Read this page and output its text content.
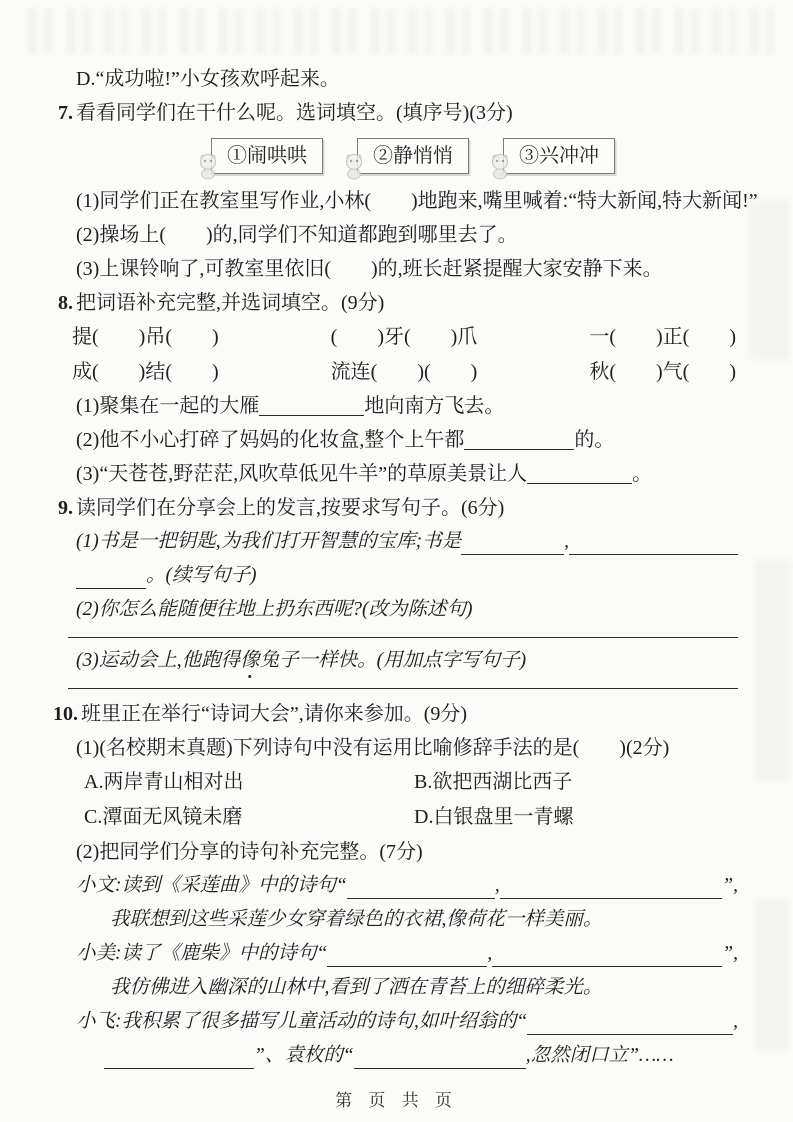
D.“成功啦!”小女孩欢呼起来。
7. 看看同学们在干什么呢。选词填空。(填序号)(3分)
①闹哄哄	②静悄悄	③兴冲冲
(1)同学们正在教室里写作业,小林(　　)地跑来,嘴里喊着:“特大新闻,特大新闻!”
(2)操场上(　　)的,同学们不知道都跑到哪里去了。
(3)上课铃响了,可教室里依旧(　　)的,班长赶紧提醒大家安静下来。
8. 把词语补充完整,并选词填空。(9分)
提(　　)吊(　　)	(　　)牙(　　)爪	一(　　)正(　　)
成(　　)结(　　)	流连(　　)(　　)	秋(　　)气(　　)
(1)聚集在一起的大雁	地向南方飞去。
(2)他不小心打碎了妈妈的化妆盒,整个上午都	的。
(3)“天苍苍,野茫茫,风吹草低见牛羊”的草原美景让人	。
9. 读同学们在分享会上的发言,按要求写句子。(6分)
(1)书是一把钥匙,为我们打开智慧的宝库;书是	,
。(续写句子)
(2)你怎么能随便往地上扔东西呢?(改为陈述句)
(3)运动会上,他跑得像兔子一样快。(用加点字写句子)
10. 班里正在举行“诗词大会”,请你来参加。(9分)
(1)(名校期末真题)下列诗句中没有运用比喻修辞手法的是(　　)(2分)
A.两岸青山相对出	B.欲把西湖比西子
C.潭面无风镜未磨	D.白银盘里一青螺
(2)把同学们分享的诗句补充完整。(7分)
小文: 读到《采莲曲》中的诗句“	,	”,
我联想到这些采莲少女穿着绿色的衣裙,像荷花一样美丽。
小美: 读了《鹿柴》中的诗句“	,	”,
我仿佛进入幽深的山林中,看到了洒在青苔上的细碎柔光。
小飞: 我积累了很多描写儿童活动的诗句,如叶绍翁的“	,
”、袁枚的“	,忽然闭口立”……
第 页 共 页
